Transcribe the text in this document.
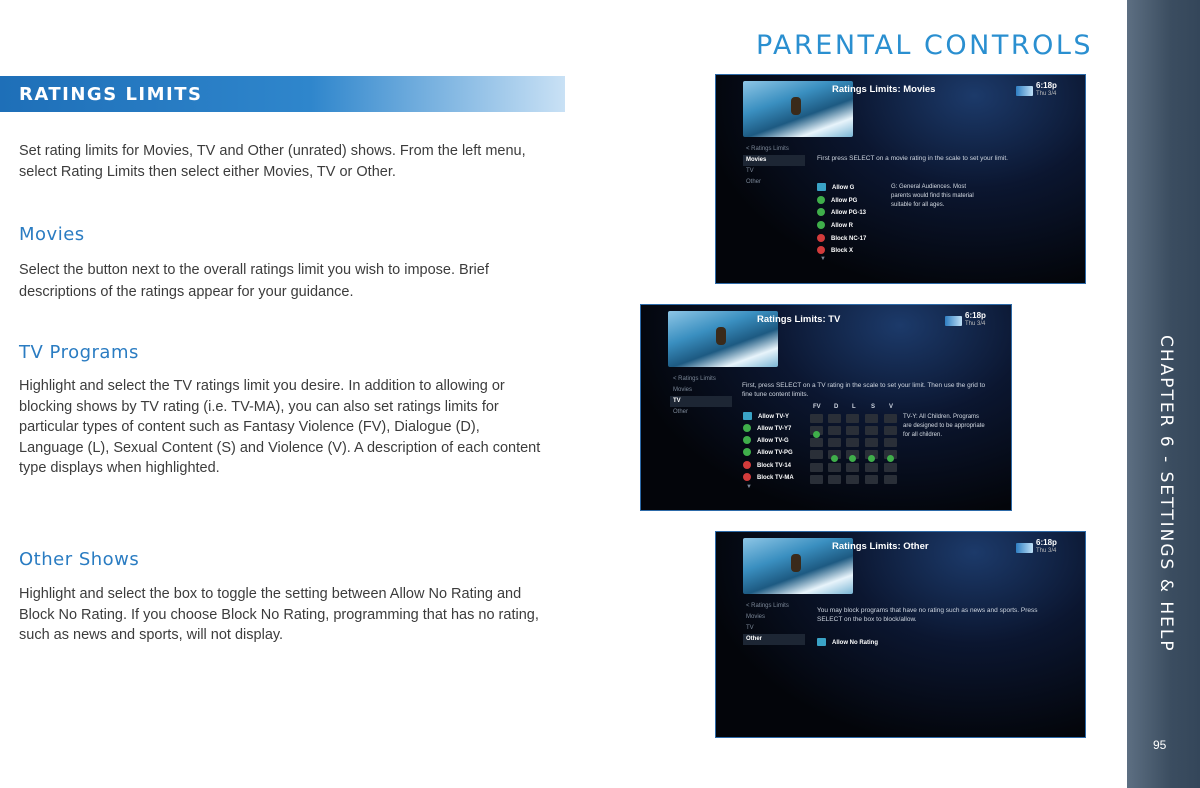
PARENTAL CONTROLS
CHAPTER 6 - SETTINGS & HELP
95
RATINGS LIMITS
Set rating limits for Movies, TV and Other (unrated) shows. From the left menu, select Rating Limits then select either Movies, TV or Other.
Movies
Select the button next to the overall ratings limit you wish to impose. Brief descriptions of the ratings appear for your guidance.
TV Programs
Highlight and select the TV ratings limit you desire. In addition to allowing or blocking shows by TV rating (i.e. TV-MA), you can also set ratings limits for particular types of content such as Fantasy Violence (FV), Dialogue (D), Language (L), Sexual Content (S) and Violence (V). A description of each content type displays when highlighted.
Other Shows
Highlight and select the box to toggle the setting between Allow No Rating and Block No Rating. If you choose Block No Rating, programming that has no rating, such as news and sports, will not display.
Ratings Limits: Movies	6:18p
Thu 3/4
< Ratings Limits
Movies
TV
Other
First press SELECT on a movie rating in the scale to set your limit.
Allow G
Allow PG
Allow PG-13
Allow R
Block NC-17
Block X
▼
G: General Audiences. Most parents would find this material suitable for all ages.
Ratings Limits: TV	6:18p
Thu 3/4
< Ratings Limits
Movies
TV
Other
First, press SELECT on a TV rating in the scale to set your limit. Then use the grid to fine tune content limits.
FV D L	S V
Allow TV-Y
Allow TV-Y7
Allow TV-G
Allow TV-PG
Block TV-14
Block TV-MA
▼
TV-Y: All Children. Programs are designed to be appropriate for all children.
Ratings Limits: Other	6:18p
Thu 3/4
< Ratings Limits
Movies
TV
Other
You may block programs that have no rating such as news and sports. Press SELECT on the box to block/allow.
Allow No Rating
